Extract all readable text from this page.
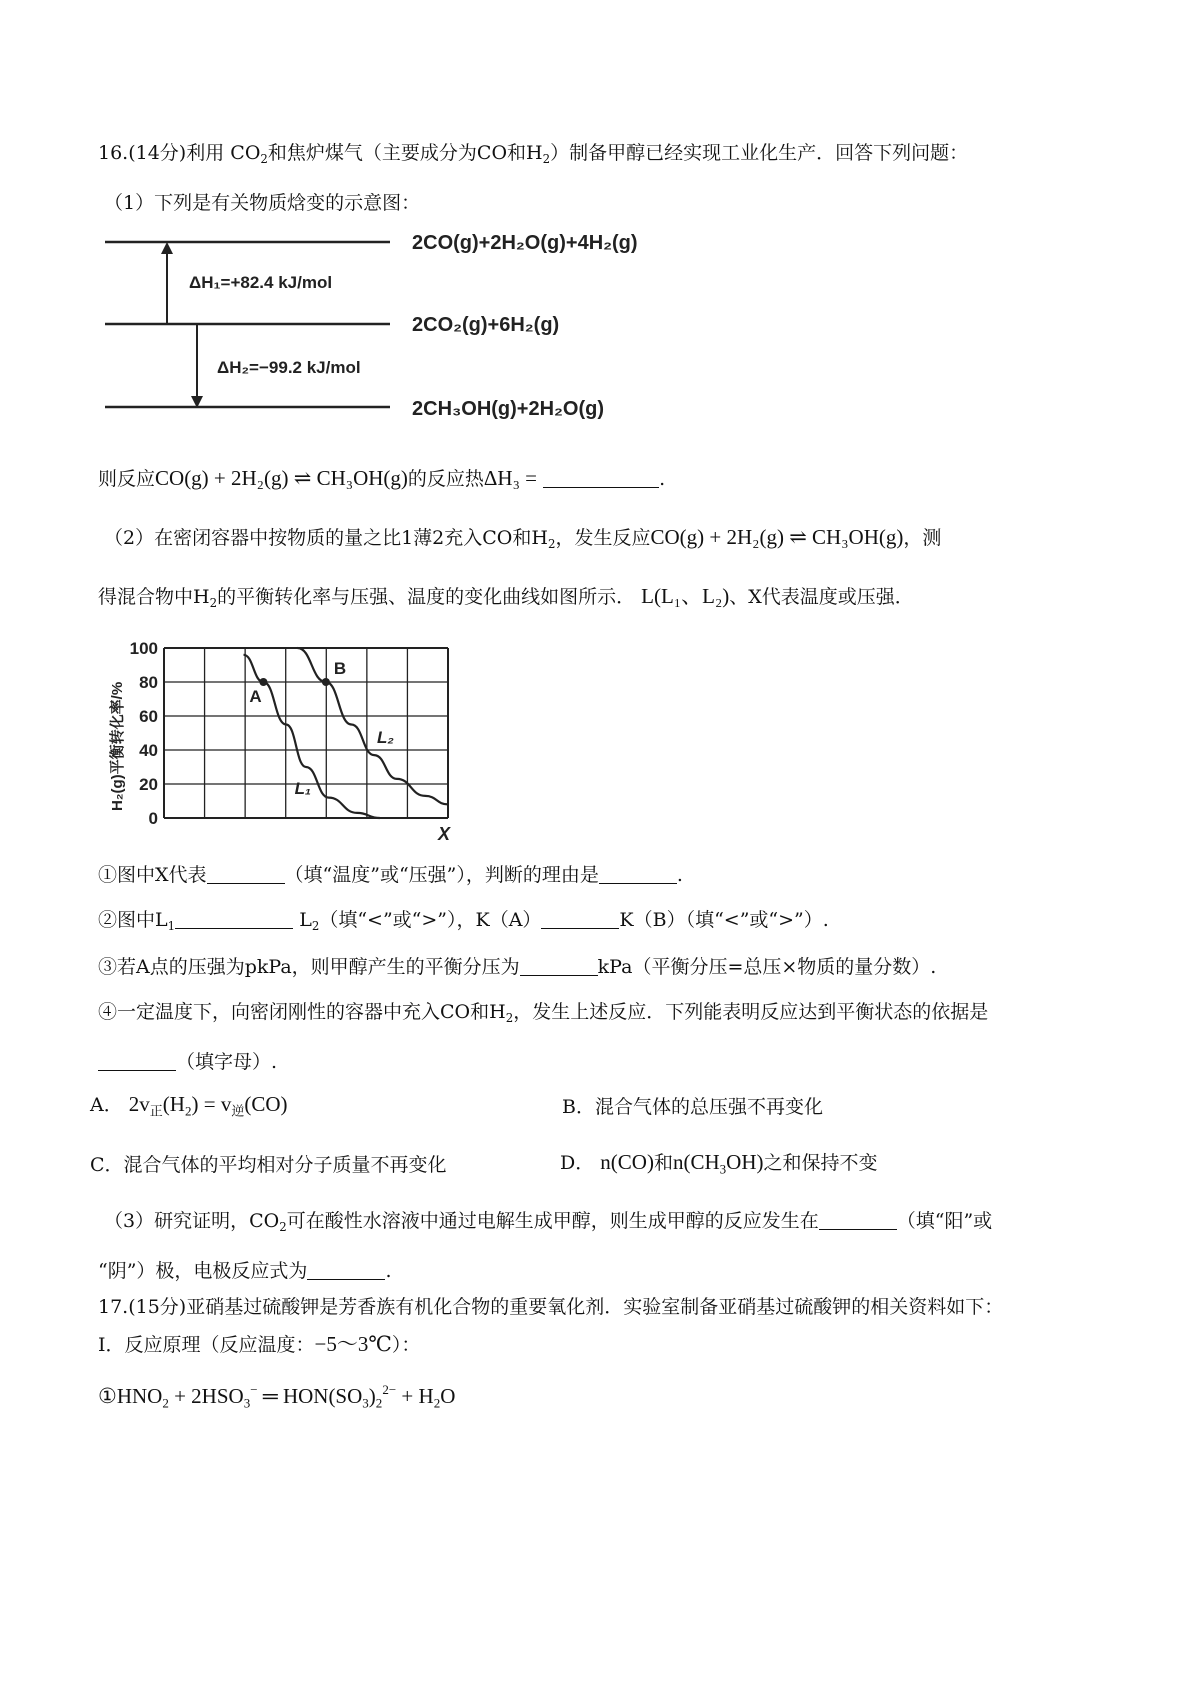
16.(14分)利用 $CO_2$和焦炉煤气（主要成分为CO和$H_2$）制备甲醇已经实现工业化生产．回答下列问题：
（1）下列是有关物质焓变的示意图：
ΔH₁=+82.4 kJ/mol
ΔH₂=−99.2 kJ/mol
2CO(g)+2H₂O(g)+4H₂(g)
2CO₂(g)+6H₂(g)
2CH₃OH(g)+2H₂O(g)
则反应CO(g) + 2H₂(g) ⇌ CH₃OH(g)的反应热ΔH₃ =	.
（2）在密闭容器中按物质的量之比1薄2充入CO和$H_2$，发生反应CO(g) + 2H₂(g) ⇌ CH₃OH(g)，测
得混合物中$H_2$的平衡转化率与压强、温度的变化曲线如图所示． L(L₁、L₂)、X代表温度或压强．
100
80
60
40
20
0
L₁
L₂
A
B
H₂(g)平衡转化率/%
X
①图中X代表	（填“温度”或“压强”），判断的理由是	.
②图中$L_1$	$L_2$（填“<”或“>”），K（A）	K（B）（填“<”或“>”）.
③若A点的压强为pkPa，则甲醇产生的平衡分压为	kPa（平衡分压=总压×物质的量分数）.
④一定温度下，向密闭刚性的容器中充入CO和$H_2$，发生上述反应．下列能表明反应达到平衡状态的依据是
（填字母）.
A． $2v_正(H_2) = v_逆(CO)$	B．混合气体的总压强不再变化
C．混合气体的平均相对分子质量不再变化	D． n(CO)和$n(CH_3OH)$之和保持不变
（3）研究证明，$CO_2$可在酸性水溶液中通过电解生成甲醇，则生成甲醇的反应发生在	（填“阳”或
“阴”）极，电极反应式为	.
17.(15分)亚硝基过硫酸钾是芳香族有机化合物的重要氧化剂．实验室制备亚硝基过硫酸钾的相关资料如下：
Ⅰ．反应原理（反应温度：−5～3℃）：
$①HNO_2 + 2HSO_3^-$ ═ $HON(SO_3)_2^{2-} + H_2O$
